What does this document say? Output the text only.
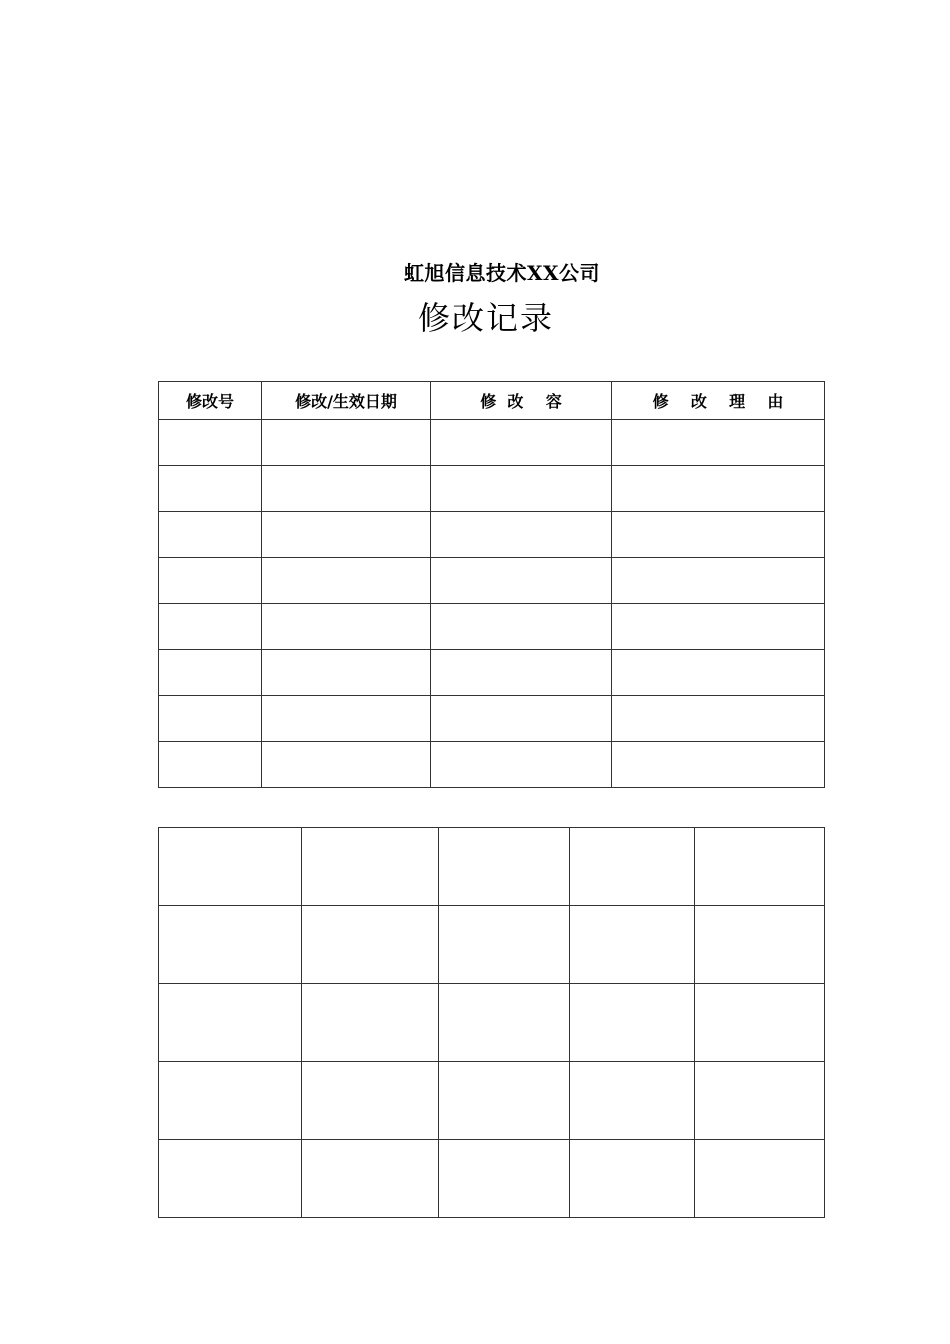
虹旭信息技术XX公司
修改记录
修改号	修改/生效日期	修  改    容	修    改    理    由
